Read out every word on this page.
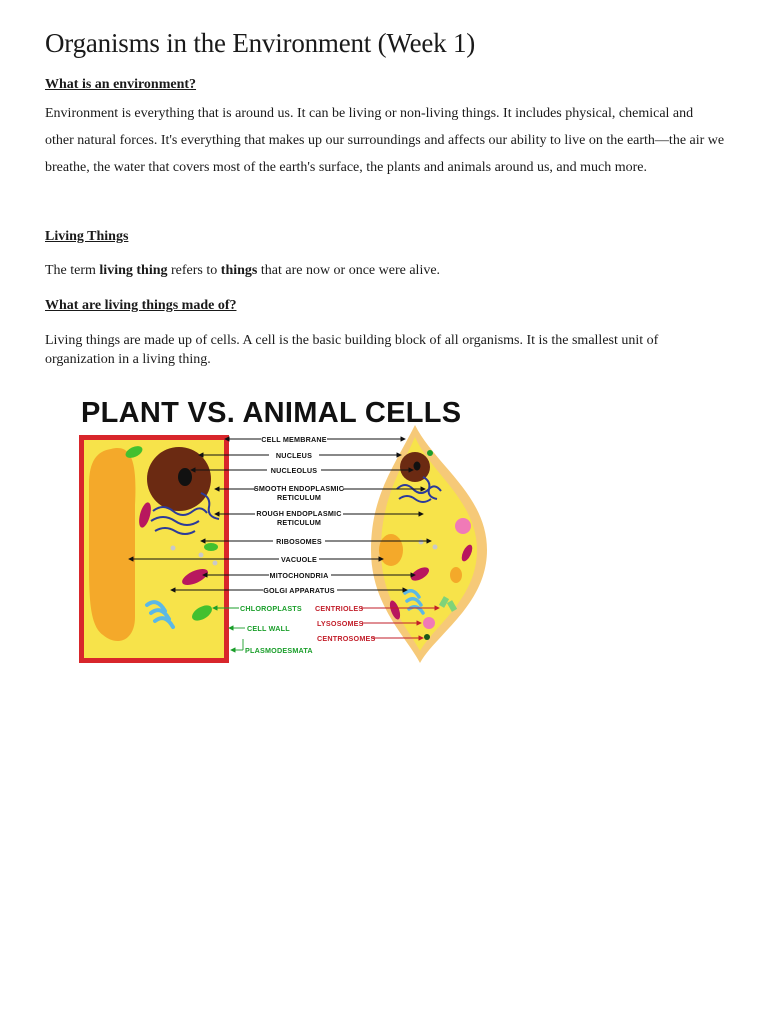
Organisms in the Environment (Week 1)
What is an environment?

Environment is everything that is around us. It can be living or non-living things. It includes physical, chemical and other natural forces. It's everything that makes up our surroundings and affects our ability to live on the earth—the air we breathe, the water that covers most of the earth's surface, the plants and animals around us, and much more.

Living Things

The term living thing refers to things that are now or once were alive.

What are living things made of?

Living things are made up of cells. A cell is the basic building block of all organisms. It is the smallest unit of organization in a living thing.

PLANT VS. ANIMAL CELLS
CELL MEMBRANE
NUCLEUS
NUCLEOLUS
SMOOTH ENDOPLASMIC
RETICULUM
ROUGH ENDOPLASMIC
RETICULUM
RIBOSOMES
VACUOLE
MITOCHONDRIA
GOLGI APPARATUS
CHLOROPLASTS
CELL WALL
PLASMODESMATA
CENTRIOLES
LYSOSOMES
CENTROSOMES
